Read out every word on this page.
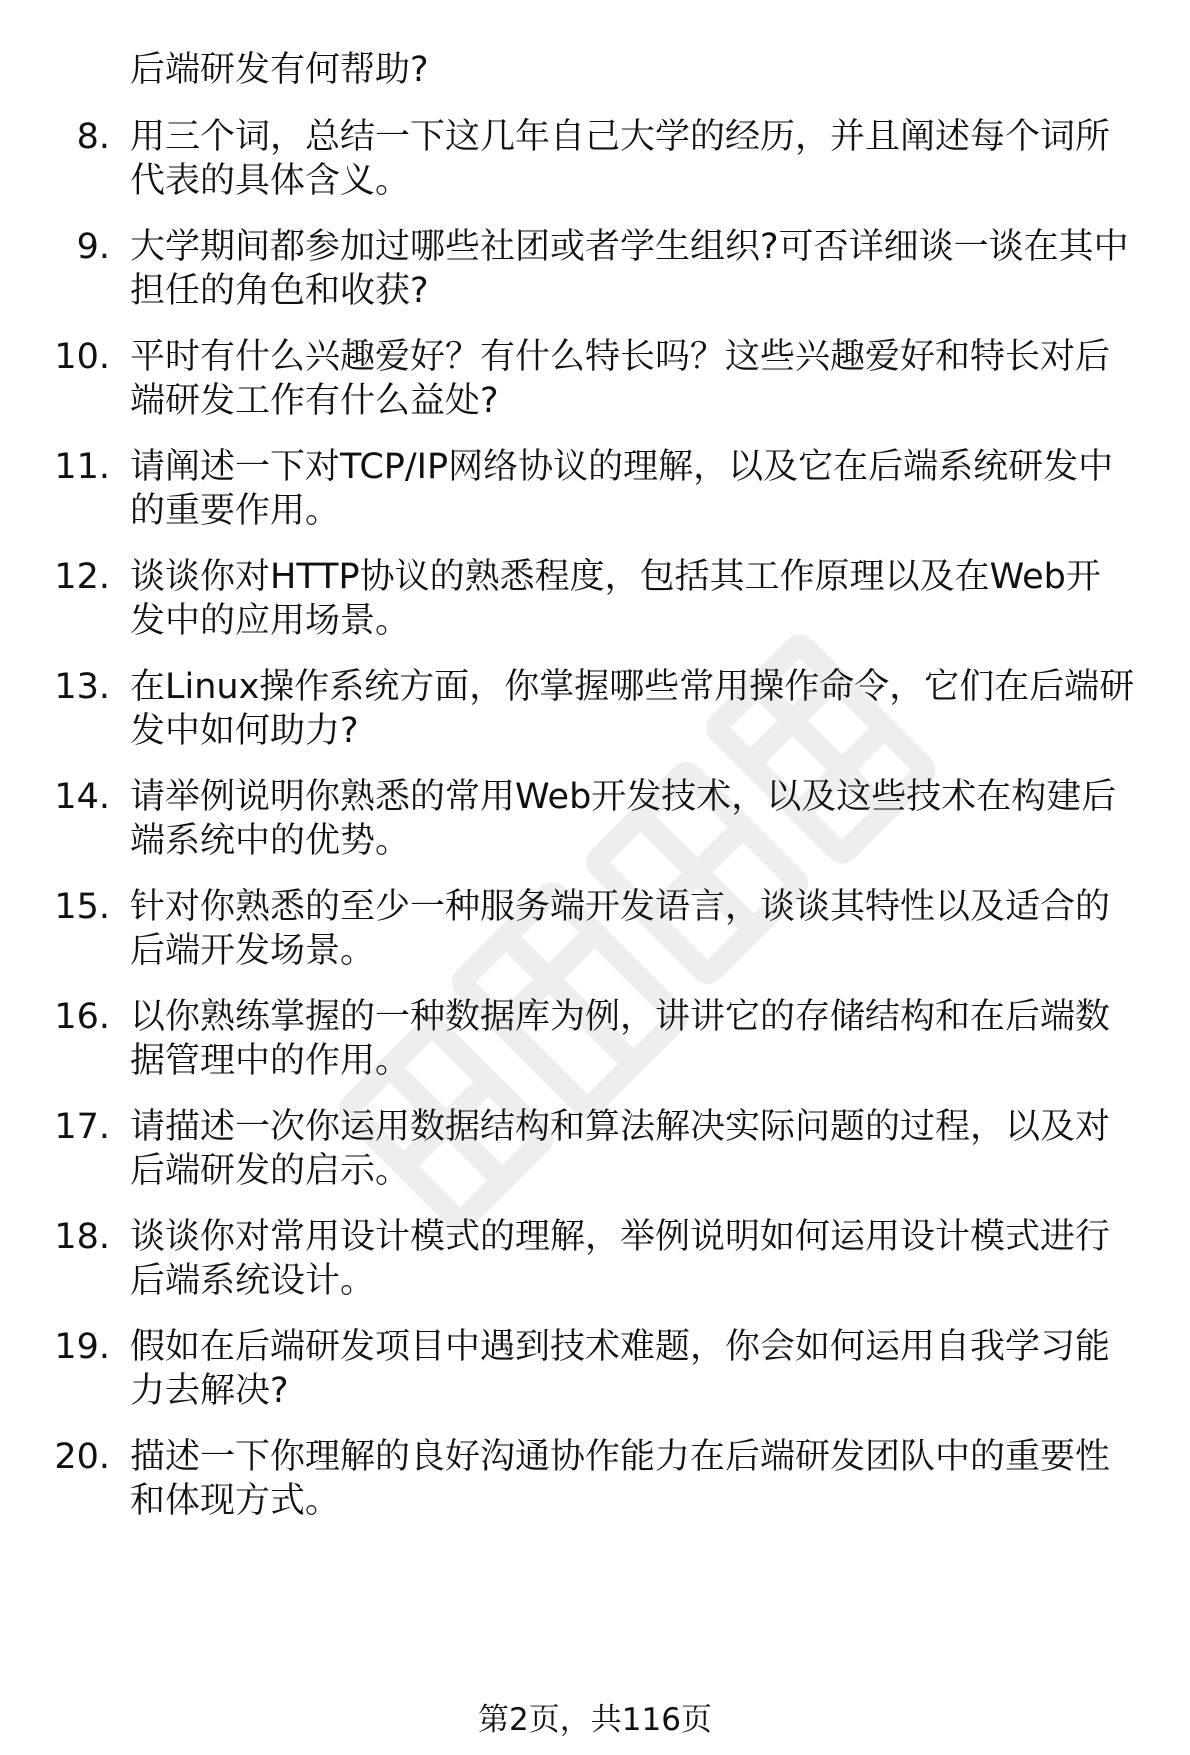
后端研发有何帮助?
8. 用三个词，总结一下这几年自己大学的经历，并且阐述每个词所
代表的具体含义。
9. 大学期间都参加过哪些社团或者学生组织?可否详细谈一谈在其中
担任的角色和收获?
10. 平时有什么兴趣爱好？有什么特长吗？这些兴趣爱好和特长对后
端研发工作有什么益处?
11. 请阐述一下对TCP/IP网络协议的理解，以及它在后端系统研发中
的重要作用。
12. 谈谈你对HTTP协议的熟悉程度，包括其工作原理以及在Web开
发中的应用场景。
13. 在Linux操作系统方面，你掌握哪些常用操作命令，它们在后端研
发中如何助力?
14. 请举例说明你熟悉的常用Web开发技术，以及这些技术在构建后
端系统中的优势。
15. 针对你熟悉的至少一种服务端开发语言，谈谈其特性以及适合的
后端开发场景。
16. 以你熟练掌握的一种数据库为例，讲讲它的存储结构和在后端数
据管理中的作用。
17. 请描述一次你运用数据结构和算法解决实际问题的过程，以及对
后端研发的启示。
18. 谈谈你对常用设计模式的理解，举例说明如何运用设计模式进行
后端系统设计。
19. 假如在后端研发项目中遇到技术难题，你会如何运用自我学习能
力去解决?
20. 描述一下你理解的良好沟通协作能力在后端研发团队中的重要性
和体现方式。
第2页，共116页
